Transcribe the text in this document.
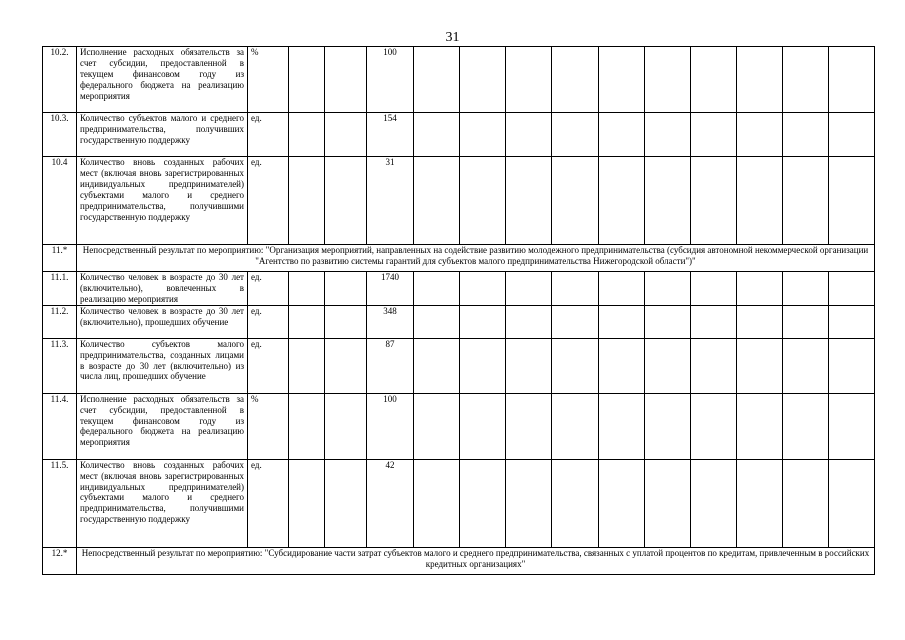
31
10.2.	Исполнение расходных обязательств за счет субсидии, предоставленной в текущем финансовом году из федерального бюджета на реализацию мероприятия	%			100										
10.3.	Количество субъектов малого и среднего предпринимательства, получивших государственную поддержку	ед.			154										
10.4	Количество вновь созданных рабочих мест (включая вновь зарегистрированных индивидуальных предпринимателей) субъектами малого и среднего предпринимательства, получившими государственную поддержку	ед.			31										
11.*	Непосредственный результат по мероприятию: "Организация мероприятий, направленных на содействие развитию молодежного предпринимательства (субсидия автономной некоммерческой организации "Агентство по развитию системы гарантий для субъектов малого предпринимательства Нижегородской области")"														
11.1.	Количество человек в возрасте до 30 лет (включительно), вовлеченных в реализацию мероприятия	ед.			1740										
11.2.	Количество человек в возрасте до 30 лет (включительно), прошедших обучение	ед.			348										
11.3.	Количество субъектов малого предпринимательства, созданных лицами в возрасте до 30 лет (включительно) из числа лиц, прошедших обучение	ед.			87										
11.4.	Исполнение расходных обязательств за счет субсидии, предоставленной в текущем финансовом году из федерального бюджета на реализацию мероприятия	%			100										
11.5.	Количество вновь созданных рабочих мест (включая вновь зарегистрированных индивидуальных предпринимателей) субъектами малого и среднего предпринимательства, получившими государственную поддержку	ед.			42										
12.*	Непосредственный результат по мероприятию: "Субсидирование части затрат субъектов малого и среднего предпринимательства, связанных с уплатой процентов по кредитам, привлеченным в российских кредитных организациях"														
